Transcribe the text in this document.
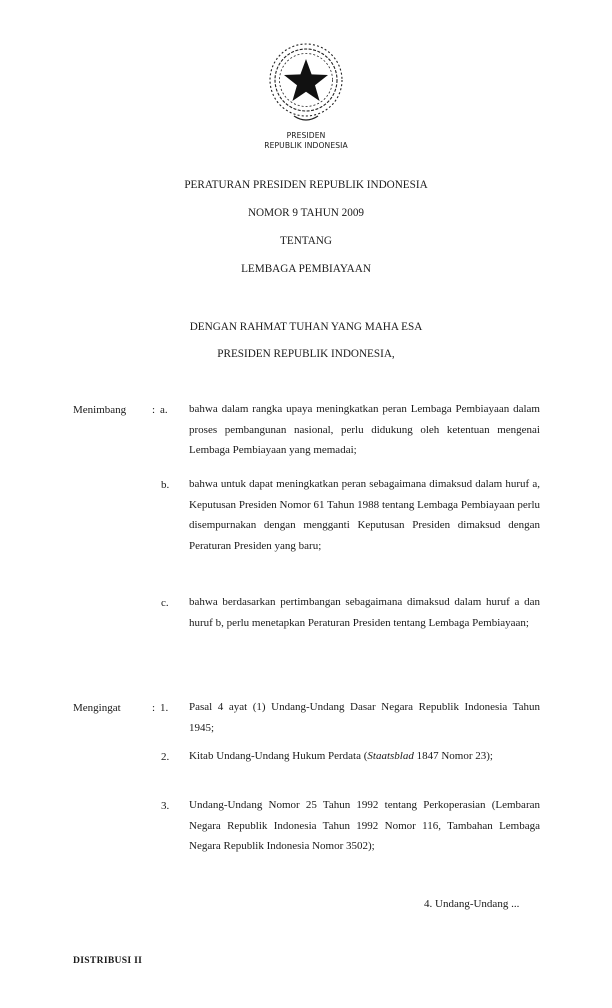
PRESIDEN
REPUBLIK INDONESIA
PERATURAN PRESIDEN REPUBLIK INDONESIA
NOMOR 9 TAHUN 2009
TENTANG
LEMBAGA PEMBIAYAAN
DENGAN RAHMAT TUHAN YANG MAHA ESA
PRESIDEN REPUBLIK INDONESIA,
Menimbang : a. bahwa dalam rangka upaya meningkatkan peran Lembaga Pembiayaan dalam proses pembangunan nasional, perlu didukung oleh ketentuan mengenai Lembaga Pembiayaan yang memadai;
b. bahwa untuk dapat meningkatkan peran sebagaimana dimaksud dalam huruf a, Keputusan Presiden Nomor 61 Tahun 1988 tentang Lembaga Pembiayaan perlu disempurnakan dengan mengganti Keputusan Presiden dimaksud dengan Peraturan Presiden yang baru;
c. bahwa berdasarkan pertimbangan sebagaimana dimaksud dalam huruf a dan huruf b, perlu menetapkan Peraturan Presiden tentang Lembaga Pembiayaan;
Mengingat	: 1. Pasal 4 ayat (1) Undang-Undang Dasar Negara Republik Indonesia Tahun 1945;
2. Kitab Undang-Undang Hukum Perdata (Staatsblad 1847 Nomor 23);
3. Undang-Undang Nomor 25 Tahun 1992 tentang Perkoperasian (Lembaran Negara Republik Indonesia Tahun 1992 Nomor 116, Tambahan Lembaga Negara Republik Indonesia Nomor 3502);
4. Undang-Undang ...
DISTRIBUSI II
